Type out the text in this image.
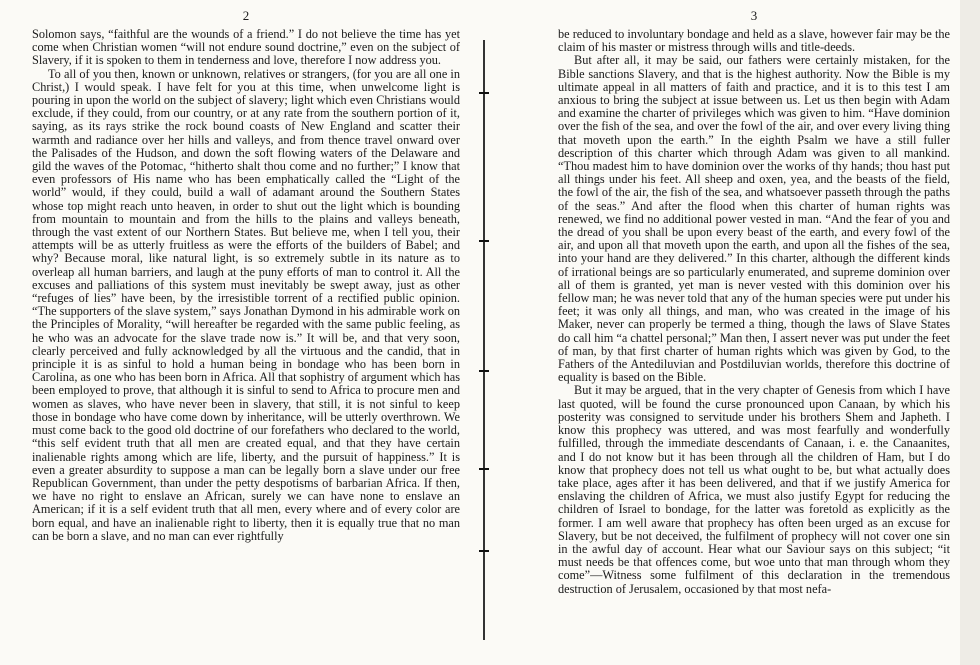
2

Solomon says, “faithful are the wounds of a friend.” I do not believe the time has yet come when Christian women “will not endure sound doctrine,” even on the subject of Slavery, if it is spoken to them in tenderness and love, therefore I now address you.

To all of you then, known or unknown, relatives or strangers, (for you are all one in Christ,) I would speak. I have felt for you at this time, when unwelcome light is pouring in upon the world on the subject of slavery; light which even Christians would exclude, if they could, from our country, or at any rate from the southern portion of it, saying, as its rays strike the rock bound coasts of New England and scatter their warmth and radiance over her hills and valleys, and from thence travel onward over the Palisades of the Hudson, and down the soft flowing waters of the Delaware and gild the waves of the Potomac, “hitherto shalt thou come and no further;” I know that even professors of His name who has been emphatically called the “Light of the world” would, if they could, build a wall of adamant around the Southern States whose top might reach unto heaven, in order to shut out the light which is bounding from mountain to mountain and from the hills to the plains and valleys beneath, through the vast extent of our Northern States. But believe me, when I tell you, their attempts will be as utterly fruitless as were the efforts of the builders of Babel; and why? Because moral, like natural light, is so extremely subtle in its nature as to overleap all human barriers, and laugh at the puny efforts of man to control it. All the excuses and palliations of this system must inevitably be swept away, just as other “refuges of lies” have been, by the irresistible torrent of a rectified public opinion. “The supporters of the slave system,” says Jonathan Dymond in his admirable work on the Principles of Morality, “will hereafter be regarded with the same public feeling, as he who was an advocate for the slave trade now is.” It will be, and that very soon, clearly perceived and fully acknowledged by all the virtuous and the candid, that in principle it is as sinful to hold a human being in bondage who has been born in Carolina, as one who has been born in Africa. All that sophistry of argument which has been employed to prove, that although it is sinful to send to Africa to procure men and women as slaves, who have never been in slavery, that still, it is not sinful to keep those in bondage who have come down by inheritance, will be utterly overthrown. We must come back to the good old doctrine of our forefathers who declared to the world, “this self evident truth that all men are created equal, and that they have certain inalienable rights among which are life, liberty, and the pursuit of happiness.” It is even a greater absurdity to suppose a man can be legally born a slave under our free Republican Government, than under the petty despotisms of barbarian Africa. If then, we have no right to enslave an African, surely we can have none to enslave an American; if it is a self evident truth that all men, every where and of every color are born equal, and have an inalienable right to liberty, then it is equally true that no man can be born a slave, and no man can ever rightfully

3

be reduced to involuntary bondage and held as a slave, however fair may be the claim of his master or mistress through wills and title-deeds.

But after all, it may be said, our fathers were certainly mistaken, for the Bible sanctions Slavery, and that is the highest authority. Now the Bible is my ultimate appeal in all matters of faith and practice, and it is to this test I am anxious to bring the subject at issue between us. Let us then begin with Adam and examine the charter of privileges which was given to him. “Have dominion over the fish of the sea, and over the fowl of the air, and over every living thing that moveth upon the earth.” In the eighth Psalm we have a still fuller description of this charter which through Adam was given to all mankind. “Thou madest him to have dominion over the works of thy hands; thou hast put all things under his feet. All sheep and oxen, yea, and the beasts of the field, the fowl of the air, the fish of the sea, and whatsoever passeth through the paths of the seas.” And after the flood when this charter of human rights was renewed, we find no additional power vested in man. “And the fear of you and the dread of you shall be upon every beast of the earth, and every fowl of the air, and upon all that moveth upon the earth, and upon all the fishes of the sea, into your hand are they delivered.” In this charter, although the different kinds of irrational beings are so particularly enumerated, and supreme dominion over all of them is granted, yet man is never vested with this dominion over his fellow man; he was never told that any of the human species were put under his feet; it was only all things, and man, who was created in the image of his Maker, never can properly be termed a thing, though the laws of Slave States do call him “a chattel personal;” Man then, I assert never was put under the feet of man, by that first charter of human rights which was given by God, to the Fathers of the Antediluvian and Postdiluvian worlds, therefore this doctrine of equality is based on the Bible.

But it may be argued, that in the very chapter of Genesis from which I have last quoted, will be found the curse pronounced upon Canaan, by which his posterity was consigned to servitude under his brothers Shem and Japheth. I know this prophecy was uttered, and was most fearfully and wonderfully fulfilled, through the immediate descendants of Canaan, i. e. the Canaanites, and I do not know but it has been through all the children of Ham, but I do know that prophecy does not tell us what ought to be, but what actually does take place, ages after it has been delivered, and that if we justify America for enslaving the children of Africa, we must also justify Egypt for reducing the children of Israel to bondage, for the latter was foretold as explicitly as the former. I am well aware that prophecy has often been urged as an excuse for Slavery, but be not deceived, the fulfilment of prophecy will not cover one sin in the awful day of account. Hear what our Saviour says on this subject; “it must needs be that offences come, but woe unto that man through whom they come”—Witness some fulfilment of this declaration in the tremendous destruction of Jerusalem, occasioned by that most nefa-
